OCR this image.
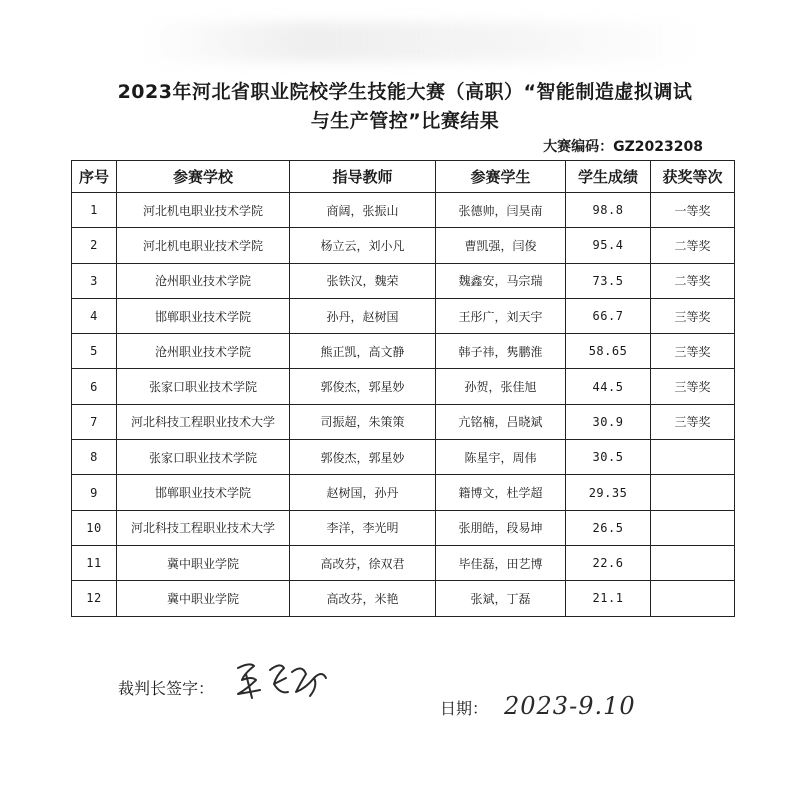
2023年河北省职业院校学生技能大赛（高职）“智能制造虚拟调试
与生产管控”比赛结果
大赛编码：GZ2023208
序号	参赛学校	指导教师	参赛学生	学生成绩	获奖等次
1	河北机电职业技术学院	商阔，张振山	张德帅，闫昊南	98.8	一等奖
2	河北机电职业技术学院	杨立云，刘小凡	曹凯强，闫俊	95.4	二等奖
3	沧州职业技术学院	张铁汉，魏荣	魏鑫安，马宗瑞	73.5	二等奖
4	邯郸职业技术学院	孙丹，赵树国	王彤广，刘天宇	66.7	三等奖
5	沧州职业技术学院	熊正凯，高文静	韩子祎，隽鹏淮	58.65	三等奖
6	张家口职业技术学院	郭俊杰，郭星妙	孙贺，张佳旭	44.5	三等奖
7	河北科技工程职业技术大学	司振超，朱策策	亢铭楠，吕晓斌	30.9	三等奖
8	张家口职业技术学院	郭俊杰，郭星妙	陈星宇，周伟	30.5	
9	邯郸职业技术学院	赵树国，孙丹	籍博文，杜学超	29.35	
10	河北科技工程职业技术大学	李洋，李光明	张朋皓，段易坤	26.5	
11	冀中职业学院	高改芬，徐双君	毕佳磊，田艺博	22.6	
12	冀中职业学院	高改芬，米艳	张斌，丁磊	21.1	
裁判长签字：
日期： 2023-9.10
